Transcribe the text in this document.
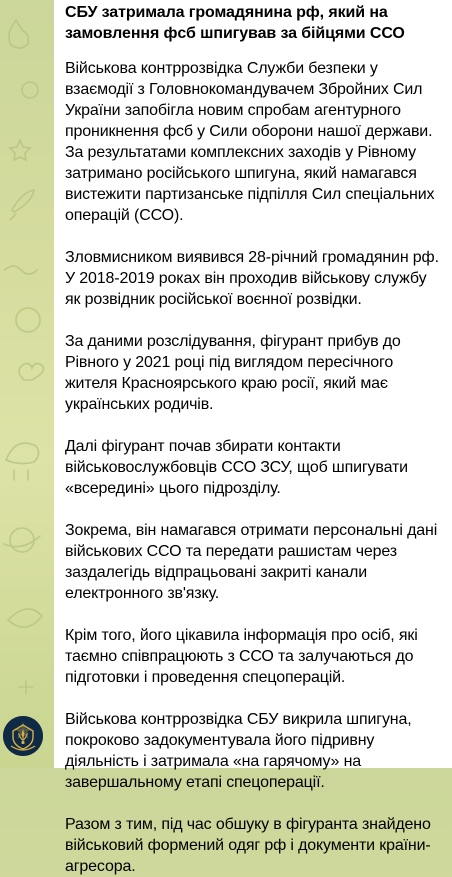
СБУ затримала громадянина рф, який на замовлення фсб шпигував за бійцями ССО
Військова контррозвідка Служби безпеки у взаємодії з Головнокомандувачем Збройних Сил України запобігла новим спробам агентурного проникнення фсб у Сили оборони нашої держави. За результатами комплексних заходів у Рівному затримано російського шпигуна, який намагався вистежити партизанське підпілля Сил спеціальних операцій (ССО).
Зловмисником виявився 28-річний громадянин рф. У 2018-2019 роках він проходив військову службу як розвідник російської воєнної розвідки.
За даними розслідування, фігурант прибув до Рівного у 2021 році під виглядом пересічного жителя Красноярського краю росії, який має українських родичів.
Далі фігурант почав збирати контакти військовослужбовців ССО ЗСУ, щоб шпигувати «всередині» цього підрозділу.
Зокрема, він намагався отримати персональні дані військових ССО та передати рашистам через заздалегідь відпрацьовані закриті канали електронного зв'язку.
Крім того, його цікавила інформація про осіб, які таємно співпрацюють з ССО та залучаються до підготовки і проведення спецоперацій.
Військова контррозвідка СБУ викрила шпигуна, покроково задокументувала його підривну діяльність і затримала «на гарячому» на завершальному етапі спецоперації.
Разом з тим, під час обшуку в фігуранта знайдено військовий формений одяг рф і документи країни-агресора.
